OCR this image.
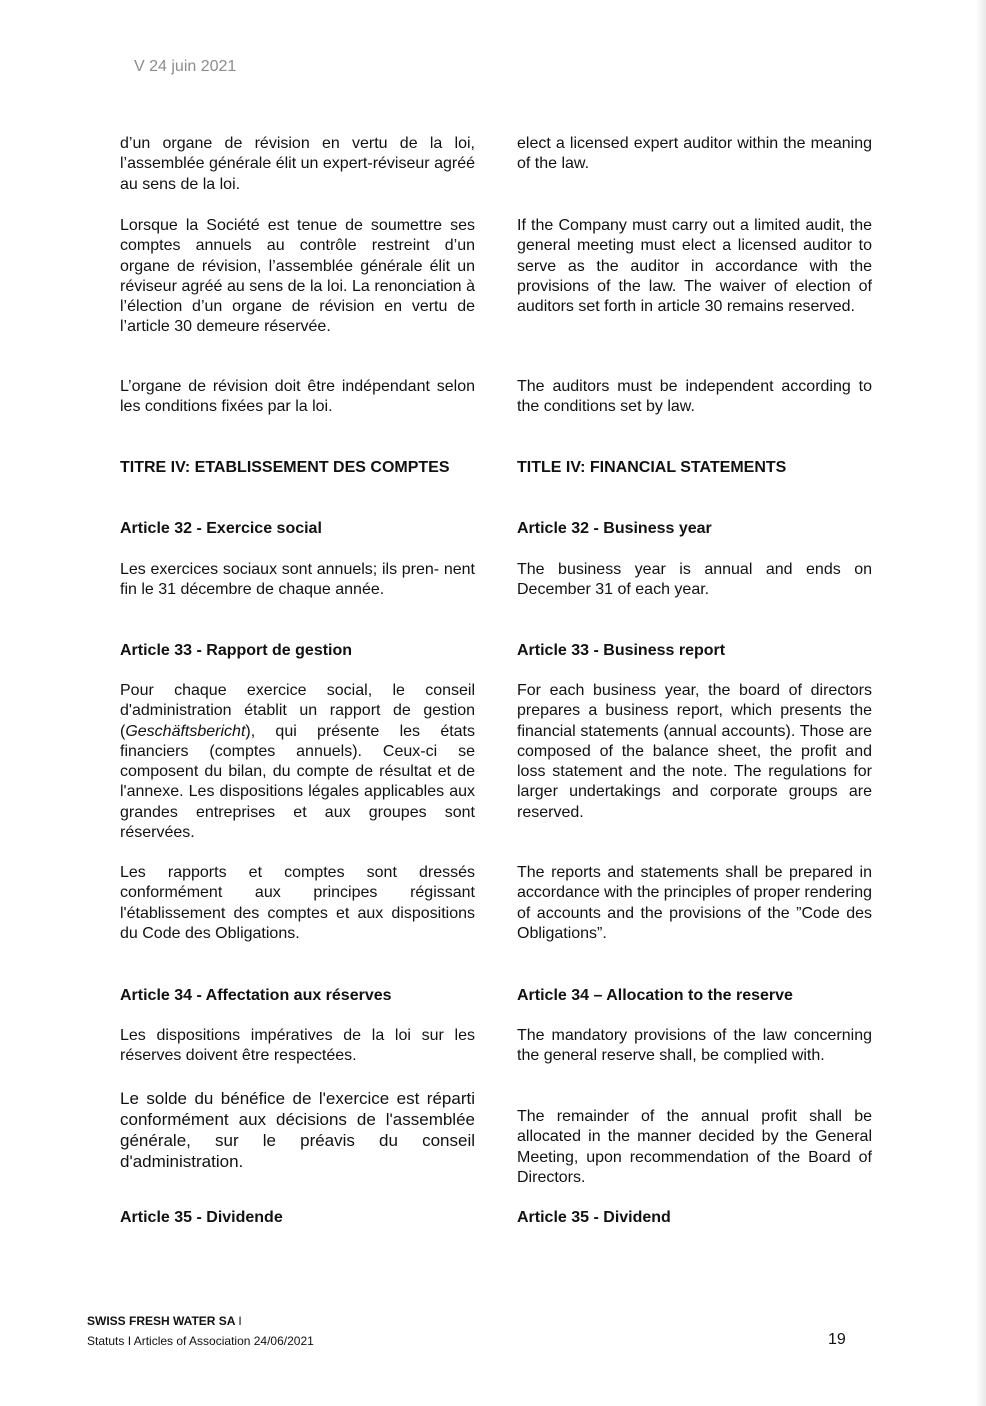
V 24 juin 2021

d’un organe de révision en vertu de la loi, l’assemblée générale élit un expert-réviseur agréé au sens de la loi.

Lorsque la Société est tenue de soumettre ses comptes annuels au contrôle restreint d’un organe de révision, l’assemblée générale élit un réviseur agréé au sens de la loi. La renonciation à l’élection d’un organe de révision en vertu de l’article 30 demeure réservée.

L’organe de révision doit être indépendant selon les conditions fixées par la loi.

TITRE IV: ETABLISSEMENT DES COMPTES

Article 32 - Exercice social

Les exercices sociaux sont annuels; ils pren- nent fin le 31 décembre de chaque année.

Article 33 - Rapport de gestion

Pour chaque exercice social, le conseil d'administration établit un rapport de gestion (Geschäftsbericht), qui présente les états financiers (comptes annuels). Ceux-ci se composent du bilan, du compte de résultat et de l'annexe. Les dispositions légales applicables aux grandes entreprises et aux groupes sont réservées.

Les rapports et comptes sont dressés conformément aux principes régissant l'établissement des comptes et aux dispositions du Code des Obligations.

Article 34 - Affectation aux réserves

Les dispositions impératives de la loi sur les réserves doivent être respectées.

Le solde du bénéfice de l'exercice est réparti conformément aux décisions de l'assemblée générale, sur le préavis du conseil d'administration.

Article 35 - Dividende

elect a licensed expert auditor within the meaning of the law.

If the Company must carry out a limited audit, the general meeting must elect a licensed auditor to serve as the auditor in accordance with the provisions of the law. The waiver of election of auditors set forth in article 30 remains reserved.

The auditors must be independent according to the conditions set by law.

TITLE IV: FINANCIAL STATEMENTS
Article 32 - Business year

The business year is annual and ends on December 31 of each year.

Article 33 - Business report

For each business year, the board of directors prepares a business report, which presents the financial statements (annual accounts). Those are composed of the balance sheet, the profit and loss statement and the note. The regulations for larger undertakings and corporate groups are reserved.

The reports and statements shall be prepared in accordance with the principles of proper rendering of accounts and the provisions of the ”Code des Obligations”.

Article 34 – Allocation to the reserve

The mandatory provisions of the law concerning the general reserve shall, be complied with.

The remainder of the annual profit shall be allocated in the manner decided by the General Meeting, upon recommendation of the Board of Directors.

Article 35 - Dividend
SWISS FRESH WATER SA I
Statuts I Articles of Association 24/06/2021	19
